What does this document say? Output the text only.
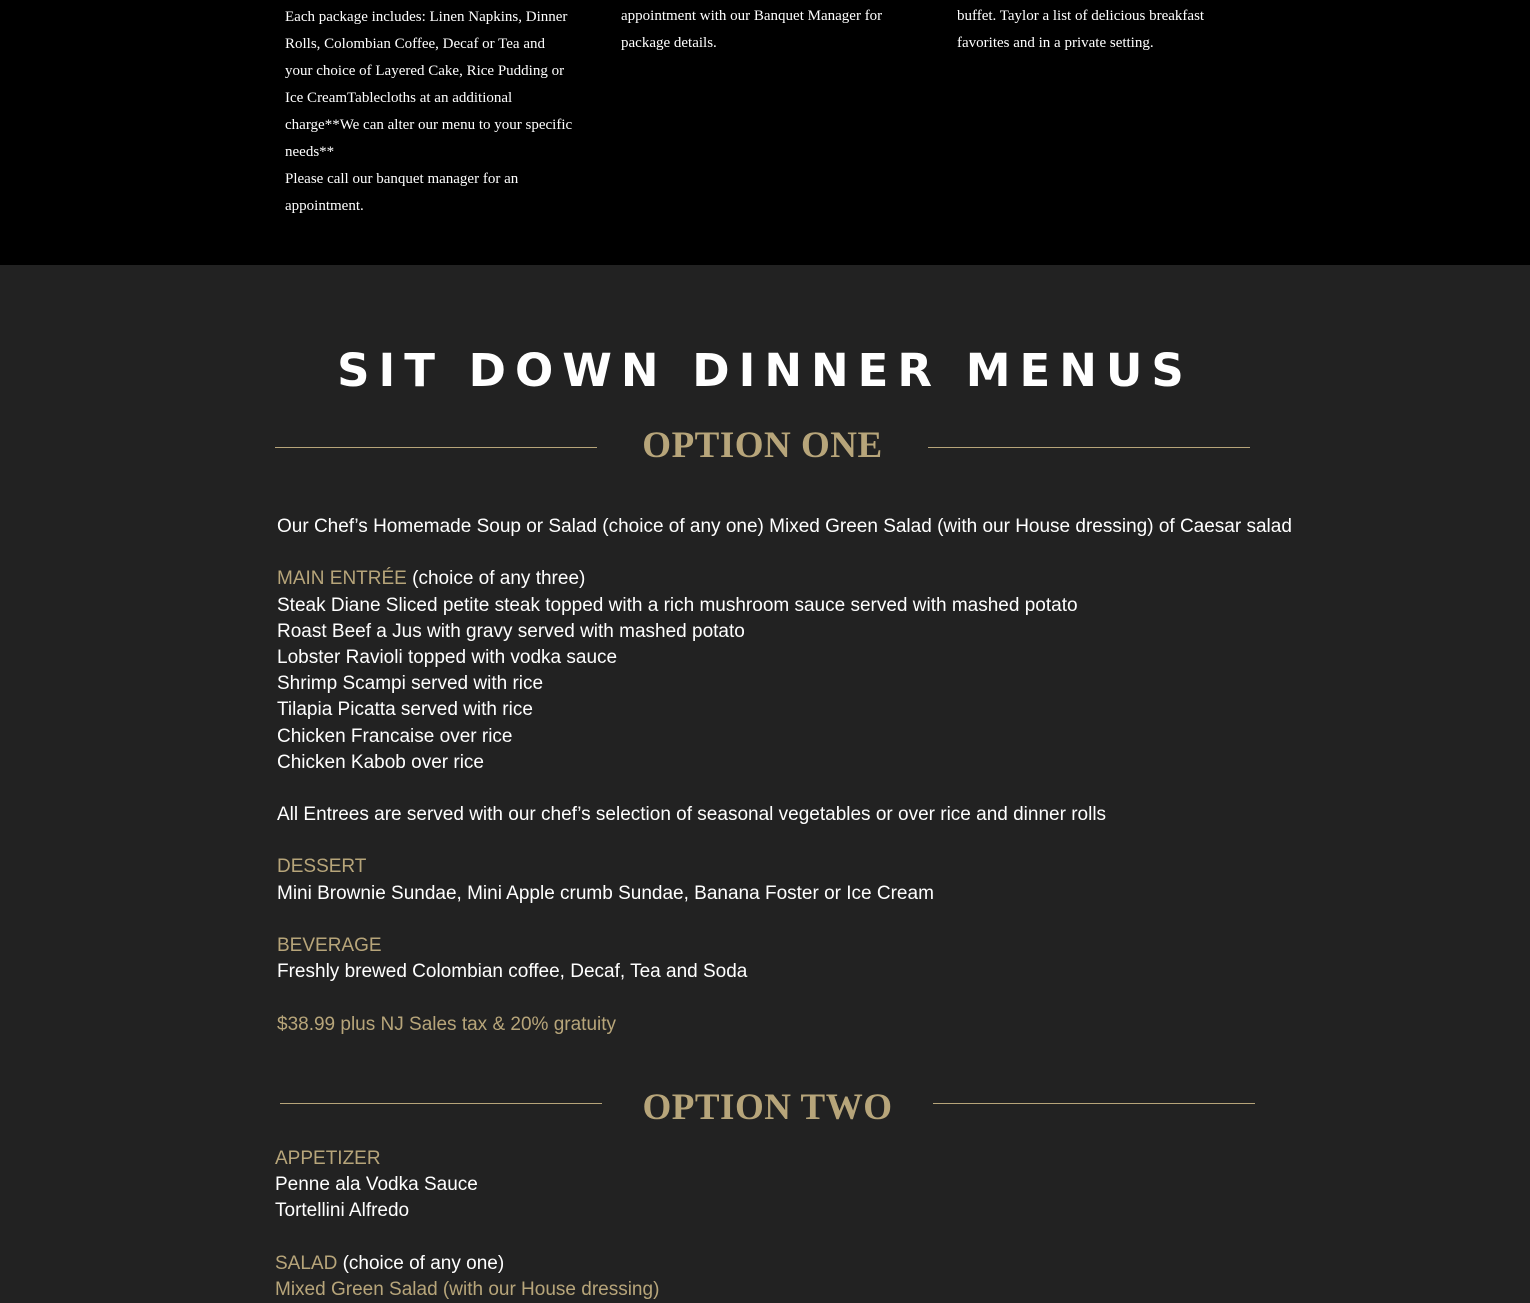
Each package includes: Linen Napkins, Dinner Rolls, Colombian Coffee, Decaf or Tea and your choice of Layered Cake, Rice Pudding or Ice CreamTablecloths at an additional charge**We can alter our menu to your specific needs**

Please call our banquet manager for an appointment.

appointment with our Banquet Manager for package details.

buffet. Taylor a list of delicious breakfast favorites and in a private setting.

SIT DOWN DINNER MENUS
OPTION ONE
Our Chef’s Homemade Soup or Salad (choice of any one) Mixed Green Salad (with our House dressing) of Caesar salad
MAIN ENTRÉE (choice of any three)
Steak Diane Sliced petite steak topped with a rich mushroom sauce served with mashed potato
Roast Beef a Jus with gravy served with mashed potato
Lobster Ravioli topped with vodka sauce
Shrimp Scampi served with rice
Tilapia Picatta served with rice
Chicken Francaise over rice
Chicken Kabob over rice
All Entrees are served with our chef’s selection of seasonal vegetables or over rice and dinner rolls
DESSERT
Mini Brownie Sundae, Mini Apple crumb Sundae, Banana Foster or Ice Cream
BEVERAGE
Freshly brewed Colombian coffee, Decaf, Tea and Soda
$38.99 plus NJ Sales tax & 20% gratuity
OPTION TWO
APPETIZER
Penne ala Vodka Sauce
Tortellini Alfredo
SALAD (choice of any one)
Mixed Green Salad (with our House dressing)
